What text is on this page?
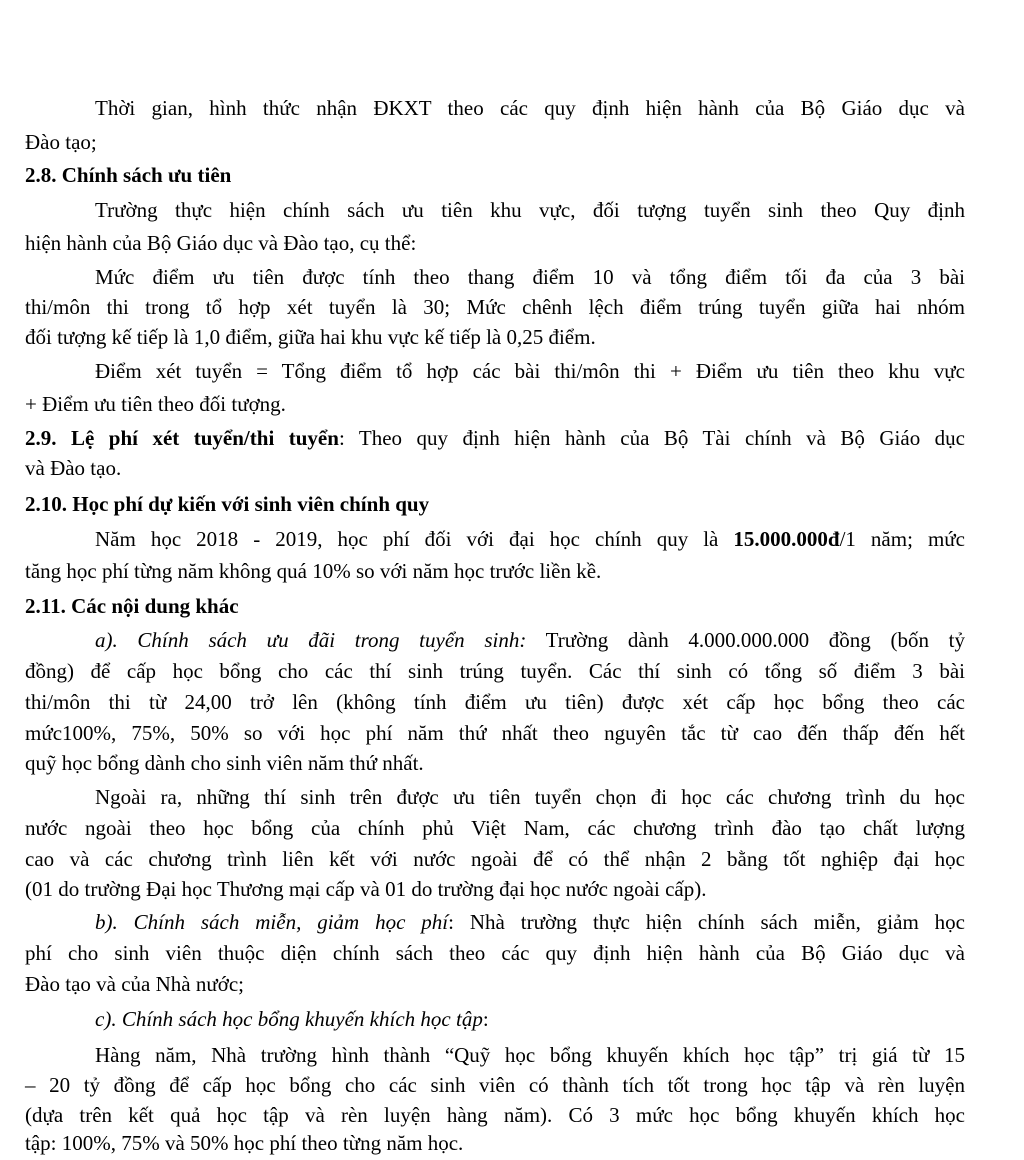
Thời gian, hình thức nhận ĐKXT theo các quy định hiện hành của Bộ Giáo dục và
Đào tạo;
2.8. Chính sách ưu tiên
Trường thực hiện chính sách ưu tiên khu vực, đối tượng tuyển sinh theo Quy định
hiện hành của Bộ Giáo dục và Đào tạo, cụ thể:
Mức điểm ưu tiên được tính theo thang điểm 10 và tổng điểm tối đa của 3 bài
thi/môn thi trong tổ hợp xét tuyển là 30; Mức chênh lệch điểm trúng tuyển giữa hai nhóm
đối tượng kế tiếp là 1,0 điểm, giữa hai khu vực kế tiếp là 0,25 điểm.
Điểm xét tuyển = Tổng điểm tổ hợp các bài thi/môn thi + Điểm ưu tiên theo khu vực
+ Điểm ưu tiên theo đối tượng.
2.9. Lệ phí xét tuyển/thi tuyển: Theo quy định hiện hành của Bộ Tài chính và Bộ Giáo dục
và Đào tạo.
2.10. Học phí dự kiến với sinh viên chính quy
Năm học 2018 - 2019, học phí đối với đại học chính quy là 15.000.000đ/1 năm; mức
tăng học phí từng năm không quá 10% so với năm học trước liền kề.
2.11. Các nội dung khác
a). Chính sách ưu đãi trong tuyển sinh: Trường dành 4.000.000.000 đồng (bốn tỷ
đồng) để cấp học bổng cho các thí sinh trúng tuyển. Các thí sinh có tổng số điểm 3 bài
thi/môn thi từ 24,00 trở lên (không tính điểm ưu tiên) được xét cấp học bổng theo các
mức100%, 75%, 50% so với học phí năm thứ nhất theo nguyên tắc từ cao đến thấp đến hết
quỹ học bổng dành cho sinh viên năm thứ nhất.
Ngoài ra, những thí sinh trên được ưu tiên tuyển chọn đi học các chương trình du học
nước ngoài theo học bổng của chính phủ Việt Nam, các chương trình đào tạo chất lượng
cao và các chương trình liên kết với nước ngoài để có thể nhận 2 bằng tốt nghiệp đại học
(01 do trường Đại học Thương mại cấp và 01 do trường đại học nước ngoài cấp).
b). Chính sách miễn, giảm học phí: Nhà trường thực hiện chính sách miễn, giảm học
phí cho sinh viên thuộc diện chính sách theo các quy định hiện hành của Bộ Giáo dục và
Đào tạo và của Nhà nước;
c). Chính sách học bổng khuyến khích học tập:
Hàng năm, Nhà trường hình thành “Quỹ học bổng khuyến khích học tập” trị giá từ 15
– 20 tỷ đồng để cấp học bổng cho các sinh viên có thành tích tốt trong học tập và rèn luyện
(dựa trên kết quả học tập và rèn luyện hàng năm). Có 3 mức học bổng khuyến khích học
tập: 100%, 75% và 50% học phí theo từng năm học.
